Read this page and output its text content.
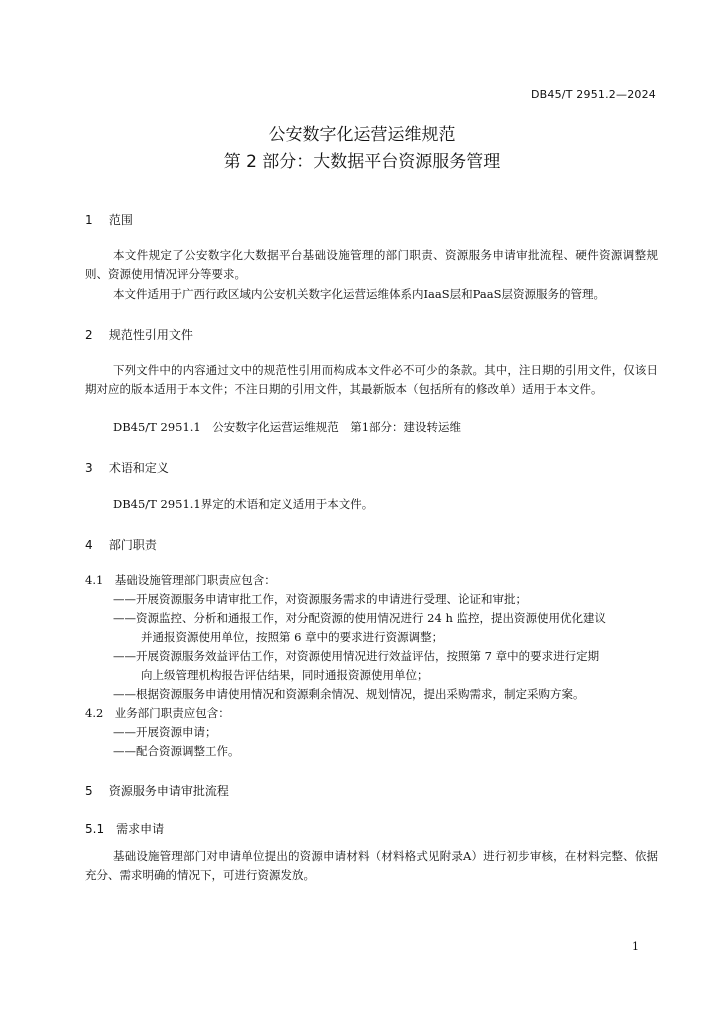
DB45/T 2951.2—2024
公安数字化运营运维规范
第 2 部分：大数据平台资源服务管理
1 范围
本文件规定了公安数字化大数据平台基础设施管理的部门职责、资源服务申请审批流程、硬件资源调整规则、资源使用情况评分等要求。
本文件适用于广西行政区域内公安机关数字化运营运维体系内IaaS层和PaaS层资源服务的管理。
2 规范性引用文件
下列文件中的内容通过文中的规范性引用而构成本文件必不可少的条款。其中，注日期的引用文件，仅该日期对应的版本适用于本文件；不注日期的引用文件，其最新版本（包括所有的修改单）适用于本文件。
DB45/T 2951.1　公安数字化运营运维规范　第1部分：建设转运维
3 术语和定义
DB45/T 2951.1界定的术语和定义适用于本文件。
4 部门职责
4.1　基础设施管理部门职责应包含：
——开展资源服务申请审批工作，对资源服务需求的申请进行受理、论证和审批；
——资源监控、分析和通报工作，对分配资源的使用情况进行 24 h 监控，提出资源使用优化建议
并通报资源使用单位，按照第 6 章中的要求进行资源调整；
——开展资源服务效益评估工作，对资源使用情况进行效益评估，按照第 7 章中的要求进行定期
向上级管理机构报告评估结果，同时通报资源使用单位；
——根据资源服务申请使用情况和资源剩余情况、规划情况，提出采购需求，制定采购方案。
4.2　业务部门职责应包含：
——开展资源申请；
——配合资源调整工作。
5 资源服务申请审批流程
5.1　需求申请
基础设施管理部门对申请单位提出的资源申请材料（材料格式见附录A）进行初步审核，在材料完整、依据充分、需求明确的情况下，可进行资源发放。
1
